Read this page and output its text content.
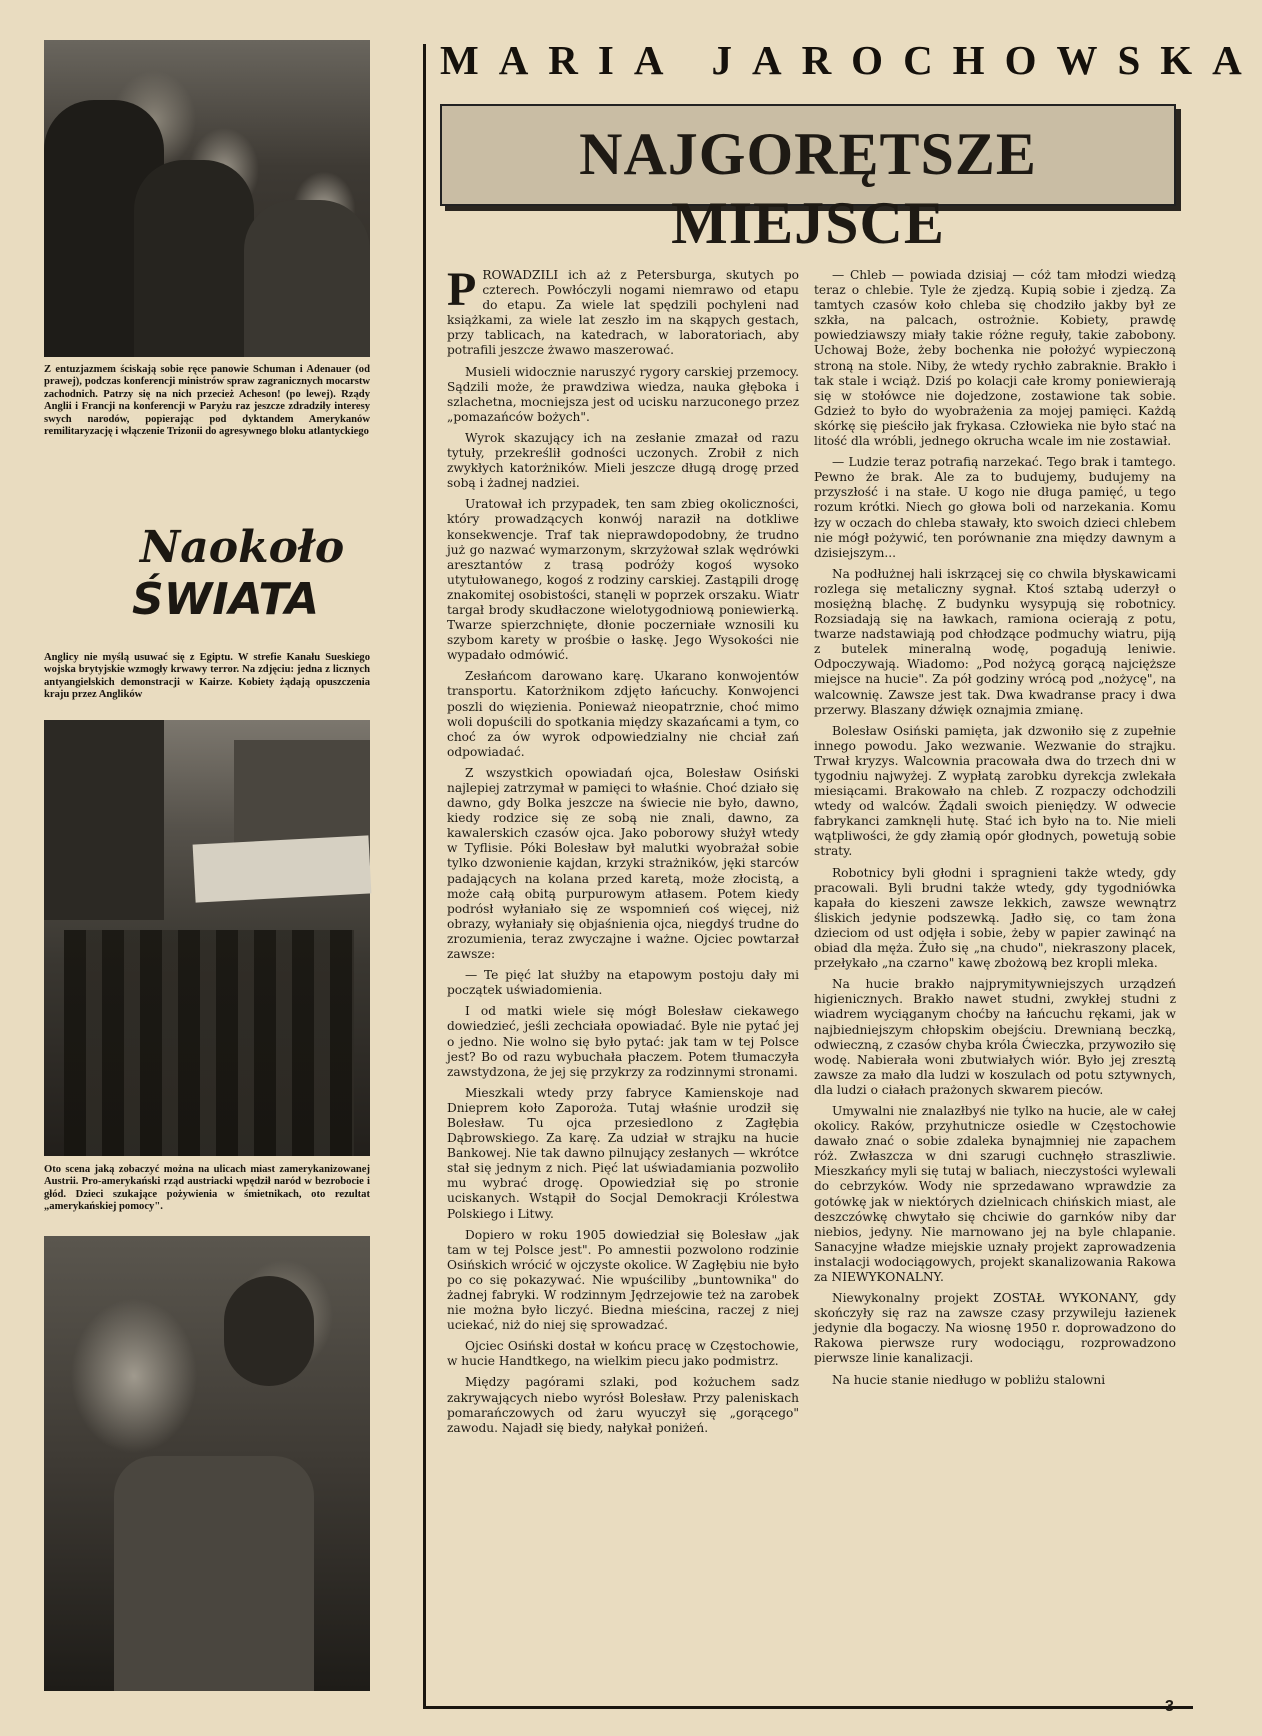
Z entuzjazmem ściskają sobie ręce panowie Schuman i Adenauer (od prawej), podczas konferencji ministrów spraw zagranicznych mocarstw zachodnich. Patrzy się na nich przecież Acheson! (po lewej). Rządy Anglii i Francji na konferencji w Paryżu raz jeszcze zdradziły interesy swych narodów, popierając pod dyktandem Amerykanów remilitaryzację i włączenie Trizonii do agresywnego bloku atlantyckiego

Naokoło
ŚWIATA

Anglicy nie myślą usuwać się z Egiptu. W strefie Kanału Sueskiego wojska brytyjskie wzmogły krwawy terror. Na zdjęciu: jedna z licznych antyangielskich demonstracji w Kairze. Kobiety żądają opuszczenia kraju przez Anglików

Oto scena jaką zobaczyć można na ulicach miast zamerykanizowanej Austrii. Pro-amerykański rząd austriacki wpędził naród w bezrobocie i głód. Dzieci szukające pożywienia w śmietnikach, oto rezultat „amerykańskiej pomocy".

MARIA JAROCHOWSKA
NAJGORĘTSZE MIEJSCE

PROWADZILI ich aż z Petersburga, skutych po czterech. Powłóczyli nogami niemrawo od etapu do etapu. Za wiele lat spędzili pochyleni nad książkami, za wiele lat zeszło im na skąpych gestach, przy tablicach, na katedrach, w laboratoriach, aby potrafili jeszcze żwawo maszerować.

Musieli widocznie naruszyć rygory carskiej przemocy. Sądzili może, że prawdziwa wiedza, nauka głęboka i szlachetna, mocniejsza jest od ucisku narzuconego przez „pomazańców bożych".

Wyrok skazujący ich na zesłanie zmazał od razu tytuły, przekreślił godności uczonych. Zrobił z nich zwykłych katorżników. Mieli jeszcze długą drogę przed sobą i żadnej nadziei.

Uratował ich przypadek, ten sam zbieg okoliczności, który prowadzących konwój naraził na dotkliwe konsekwencje. Traf tak nieprawdopodobny, że trudno już go nazwać wymarzonym, skrzyżował szlak wędrówki aresztantów z trasą podróży kogoś wysoko utytułowanego, kogoś z rodziny carskiej. Zastąpili drogę znakomitej osobistości, stanęli w poprzek orszaku. Wiatr targał brody skudłaczone wielotygodniową poniewierką. Twarze spierzchnięte, dłonie poczerniałe wznosili ku szybom karety w prośbie o łaskę. Jego Wysokości nie wypadało odmówić.

Zesłańcom darowano karę. Ukarano konwojentów transportu. Katorżnikom zdjęto łańcuchy. Konwojenci poszli do więzienia. Ponieważ nieopatrznie, choć mimo woli dopuścili do spotkania między skazańcami a tym, co choć za ów wyrok odpowiedzialny nie chciał zań odpowiadać.

Z wszystkich opowiadań ojca, Bolesław Osiński najlepiej zatrzymał w pamięci to właśnie. Choć działo się dawno, gdy Bolka jeszcze na świecie nie było, dawno, kiedy rodzice się ze sobą nie znali, dawno, za kawalerskich czasów ojca. Jako poborowy służył wtedy w Tyflisie. Póki Bolesław był malutki wyobrażał sobie tylko dzwonienie kajdan, krzyki strażników, jęki starców padających na kolana przed karetą, może złocistą, a może całą obitą purpurowym atłasem. Potem kiedy podrósł wyłaniało się ze wspomnień coś więcej, niż obrazy, wyłaniały się objaśnienia ojca, niegdyś trudne do zrozumienia, teraz zwyczajne i ważne. Ojciec powtarzał zawsze:

— Te pięć lat służby na etapowym postoju dały mi początek uświadomienia.

I od matki wiele się mógł Bolesław ciekawego dowiedzieć, jeśli zechciała opowiadać. Byle nie pytać jej o jedno. Nie wolno się było pytać: jak tam w tej Polsce jest? Bo od razu wybuchała płaczem. Potem tłumaczyła zawstydzona, że jej się przykrzy za rodzinnymi stronami.

Mieszkali wtedy przy fabryce Kamienskoje nad Dnieprem koło Zaporoża. Tutaj właśnie urodził się Bolesław. Tu ojca przesiedlono z Zagłębia Dąbrowskiego. Za karę. Za udział w strajku na hucie Bankowej. Nie tak dawno pilnujący zesłanych — wkrótce stał się jednym z nich. Pięć lat uświadamiania pozwoliło mu wybrać drogę. Opowiedział się po stronie uciskanych. Wstąpił do Socjal Demokracji Królestwa Polskiego i Litwy.

Dopiero w roku 1905 dowiedział się Bolesław „jak tam w tej Polsce jest". Po amnestii pozwolono rodzinie Osińskich wrócić w ojczyste okolice. W Zagłębiu nie było po co się pokazywać. Nie wpuściliby „buntownika" do żadnej fabryki. W rodzinnym Jędrzejowie też na zarobek nie można było liczyć. Biedna mieścina, raczej z niej uciekać, niż do niej się sprowadzać.

Ojciec Osiński dostał w końcu pracę w Częstochowie, w hucie Handtkego, na wielkim piecu jako podmistrz.

Między pagórami szlaki, pod kożuchem sadz zakrywających niebo wyrósł Bolesław. Przy paleniskach pomarańczowych od żaru wyuczył się „gorącego" zawodu. Najadł się biedy, nałykał poniżeń.

— Chleb — powiada dzisiaj — cóż tam młodzi wiedzą teraz o chlebie. Tyle że zjedzą. Kupią sobie i zjedzą. Za tamtych czasów koło chleba się chodziło jakby był ze szkła, na palcach, ostrożnie. Kobiety, prawdę powiedziawszy miały takie różne reguły, takie zabobony. Uchowaj Boże, żeby bochenka nie położyć wypieczoną stroną na stole. Niby, że wtedy rychło zabraknie. Brakło i tak stale i wciąż. Dziś po kolacji całe kromy poniewierają się w stołówce nie dojedzone, zostawione tak sobie. Gdzież to było do wyobrażenia za mojej pamięci. Każdą skórkę się pieściło jak frykasa. Człowieka nie było stać na litość dla wróbli, jednego okrucha wcale im nie zostawiał.

— Ludzie teraz potrafią narzekać. Tego brak i tamtego. Pewno że brak. Ale za to budujemy, budujemy na przyszłość i na stałe. U kogo nie długa pamięć, u tego rozum krótki. Niech go głowa boli od narzekania. Komu łzy w oczach do chleba stawały, kto swoich dzieci chlebem nie mógł pożywić, ten porównanie zna między dawnym a dzisiejszym...

Na podłużnej hali iskrzącej się co chwila błyskawicami rozlega się metaliczny sygnał. Ktoś sztabą uderzył o mosiężną blachę. Z budynku wysypują się robotnicy. Rozsiadają się na ławkach, ramiona ocierają z potu, twarze nadstawiają pod chłodzące podmuchy wiatru, piją z butelek mineralną wodę, pogadują leniwie. Odpoczywają. Wiadomo: „Pod nożycą gorącą najcięższe miejsce na hucie". Za pół godziny wrócą pod „nożycę", na walcownię. Zawsze jest tak. Dwa kwadranse pracy i dwa przerwy. Blaszany dźwięk oznajmia zmianę.

Bolesław Osiński pamięta, jak dzwoniło się z zupełnie innego powodu. Jako wezwanie. Wezwanie do strajku. Trwał kryzys. Walcownia pracowała dwa do trzech dni w tygodniu najwyżej. Z wypłatą zarobku dyrekcja zwlekała miesiącami. Brakowało na chleb. Z rozpaczy odchodzili wtedy od walców. Żądali swoich pieniędzy. W odwecie fabrykanci zamknęli hutę. Stać ich było na to. Nie mieli wątpliwości, że gdy złamią opór głodnych, powetują sobie straty.

Robotnicy byli głodni i spragnieni także wtedy, gdy pracowali. Byli brudni także wtedy, gdy tygodniówka kapała do kieszeni zawsze lekkich, zawsze wewnątrz śliskich jedynie podszewką. Jadło się, co tam żona dzieciom od ust odjęła i sobie, żeby w papier zawinąć na obiad dla męża. Żuło się „na chudo", niekraszony placek, przełykało „na czarno" kawę zbożową bez kropli mleka.

Na hucie brakło najprymitywniejszych urządzeń higienicznych. Brakło nawet studni, zwykłej studni z wiadrem wyciąganym choćby na łańcuchu rękami, jak w najbiedniejszym chłopskim obejściu. Drewnianą beczką, odwieczną, z czasów chyba króla Ćwieczka, przywoziło się wodę. Nabierała woni zbutwiałych wiór. Było jej zresztą zawsze za mało dla ludzi w koszulach od potu sztywnych, dla ludzi o ciałach prażonych skwarem pieców.

Umywalni nie znalazłbyś nie tylko na hucie, ale w całej okolicy. Raków, przyhutnicze osiedle w Częstochowie dawało znać o sobie zdaleka bynajmniej nie zapachem róż. Zwłaszcza w dni szarugi cuchnęło straszliwie. Mieszkańcy myli się tutaj w baliach, nieczystości wylewali do cebrzyków. Wody nie sprzedawano wprawdzie za gotówkę jak w niektórych dzielnicach chińskich miast, ale deszczówkę chwytało się chciwie do garnków niby dar niebios, jedyny. Nie marnowano jej na byle chlapanie. Sanacyjne władze miejskie uznały projekt zaprowadzenia instalacji wodociągowych, projekt skanalizowania Rakowa za NIEWYKONALNY.

Niewykonalny projekt ZOSTAŁ WYKONANY, gdy skończyły się raz na zawsze czasy przywileju łazienek jedynie dla bogaczy. Na wiosnę 1950 r. doprowadzono do Rakowa pierwsze rury wodociągu, rozprowadzono pierwsze linie kanalizacji.

Na hucie stanie niedługo w pobliżu stalowni

3
